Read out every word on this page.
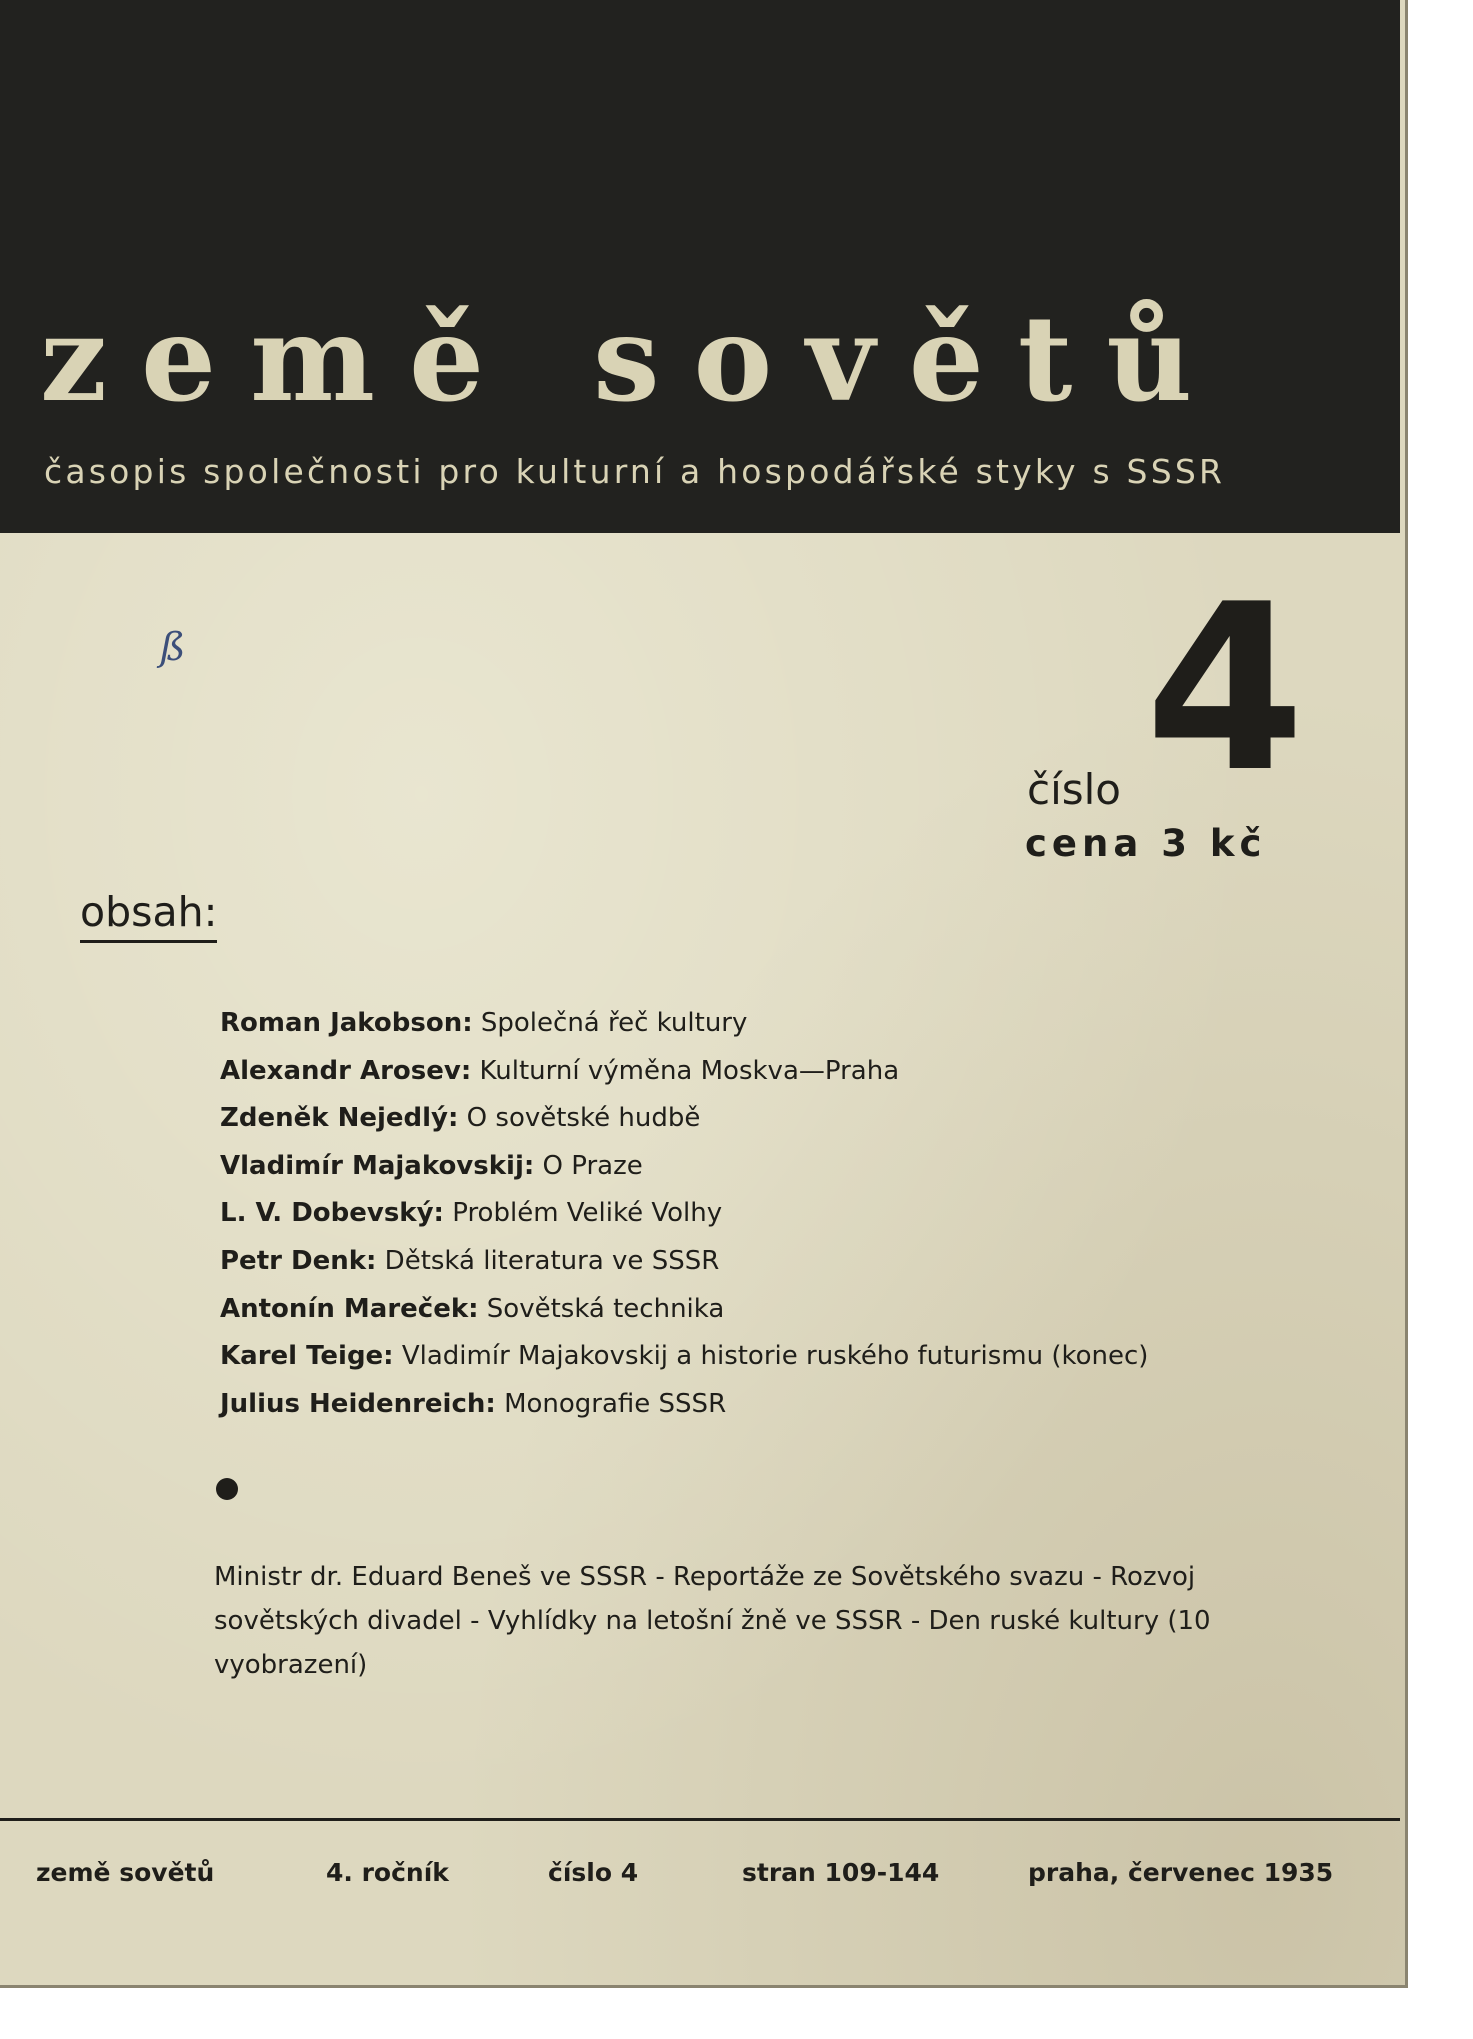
země sovětů
časopis společnosti pro kulturní a hospodářské styky s SSSR
ß	4
číslo
cena 3 kč
obsah:
Roman Jakobson: Společná řeč kultury
Alexandr Arosev: Kulturní výměna Moskva—Praha
Zdeněk Nejedlý: O sovětské hudbě
Vladimír Majakovskij: O Praze
L. V. Dobevský: Problém Veliké Volhy
Petr Denk: Dětská literatura ve SSSR
Antonín Mareček: Sovětská technika
Karel Teige: Vladimír Majakovskij a historie ruského futurismu (konec)
Julius Heidenreich: Monografie SSSR
Ministr dr. Eduard Beneš ve SSSR - Reportáže ze Sovětského svazu - Rozvoj sovětských divadel - Vyhlídky na letošní žně ve SSSR - Den ruské kultury (10 vyobrazení)
země sovětů	4. ročník	číslo 4	stran 109-144	praha, červenec 1935
